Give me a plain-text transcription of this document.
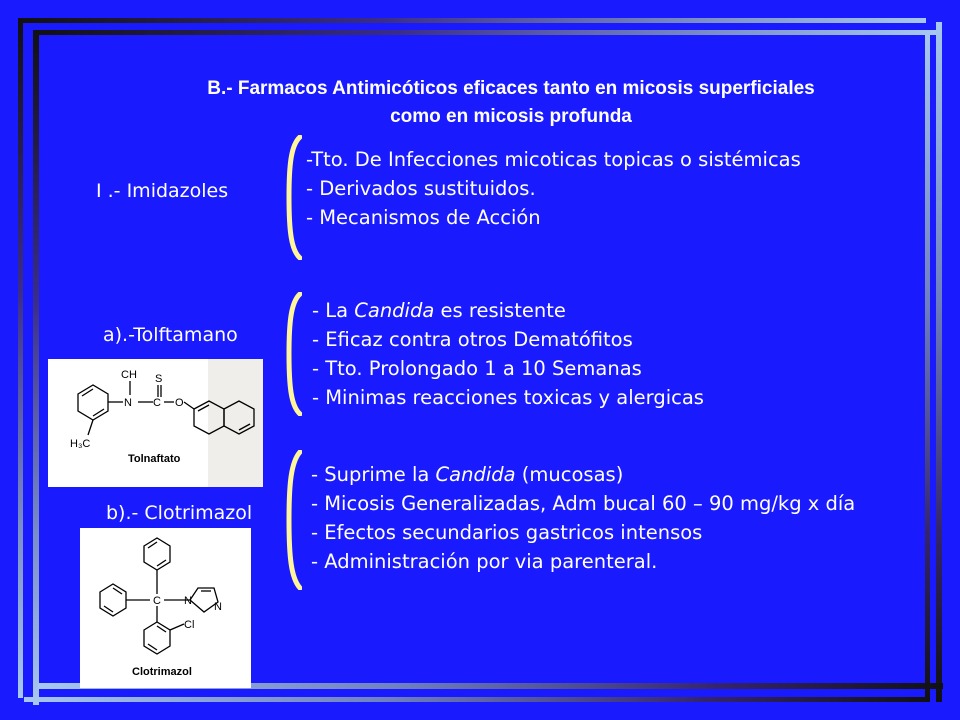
B.- Farmacos Antimicóticos eficaces tanto en micosis superficiales
como en micosis profunda
I .- Imidazoles
-Tto. De Infecciones micoticas topicas o sistémicas
- Derivados sustituidos.
- Mecanismos de Acción
a).-Tolftamano
- La Candida es resistente
- Eficaz contra otros Dematófitos
- Tto. Prolongado 1 a 10 Semanas
- Minimas reacciones toxicas y alergicas
N
CH
C
S
O
H₃C
Tolnaftato
b).- Clotrimazol
- Suprime la Candida (mucosas)
- Micosis Generalizadas, Adm bucal 60 – 90 mg/kg x día
- Efectos secundarios gastricos intensos
- Administración por via parenteral.
C N N
Cl
Clotrimazol
